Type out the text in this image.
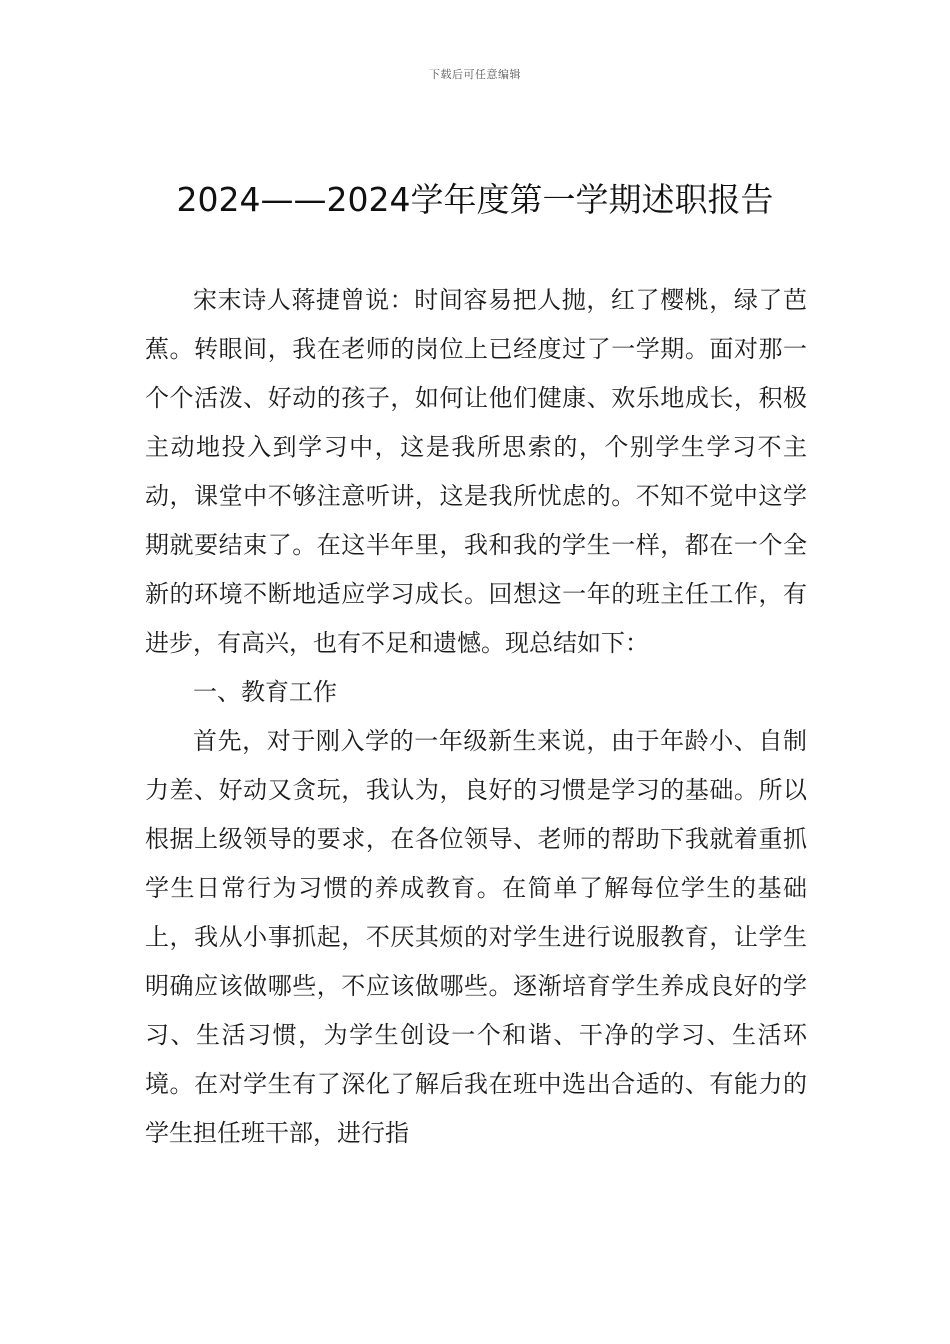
下载后可任意编辑
2024——2024学年度第一学期述职报告

宋末诗人蒋捷曾说：时间容易把人抛，红了樱桃，绿了芭蕉。转眼间，我在老师的岗位上已经度过了一学期。面对那一个个活泼、好动的孩子，如何让他们健康、欢乐地成长，积极主动地投入到学习中，这是我所思索的，个别学生学习不主动，课堂中不够注意听讲，这是我所忧虑的。不知不觉中这学期就要结束了。在这半年里，我和我的学生一样，都在一个全新的环境不断地适应学习成长。回想这一年的班主任工作，有进步，有高兴，也有不足和遗憾。现总结如下：

一、教育工作

首先，对于刚入学的一年级新生来说，由于年龄小、自制力差、好动又贪玩，我认为，良好的习惯是学习的基础。所以根据上级领导的要求，在各位领导、老师的帮助下我就着重抓学生日常行为习惯的养成教育。在简单了解每位学生的基础上，我从小事抓起，不厌其烦的对学生进行说服教育，让学生明确应该做哪些，不应该做哪些。逐渐培育学生养成良好的学习、生活习惯，为学生创设一个和谐、干净的学习、生活环境。在对学生有了深化了解后我在班中选出合适的、有能力的学生担任班干部，进行指
